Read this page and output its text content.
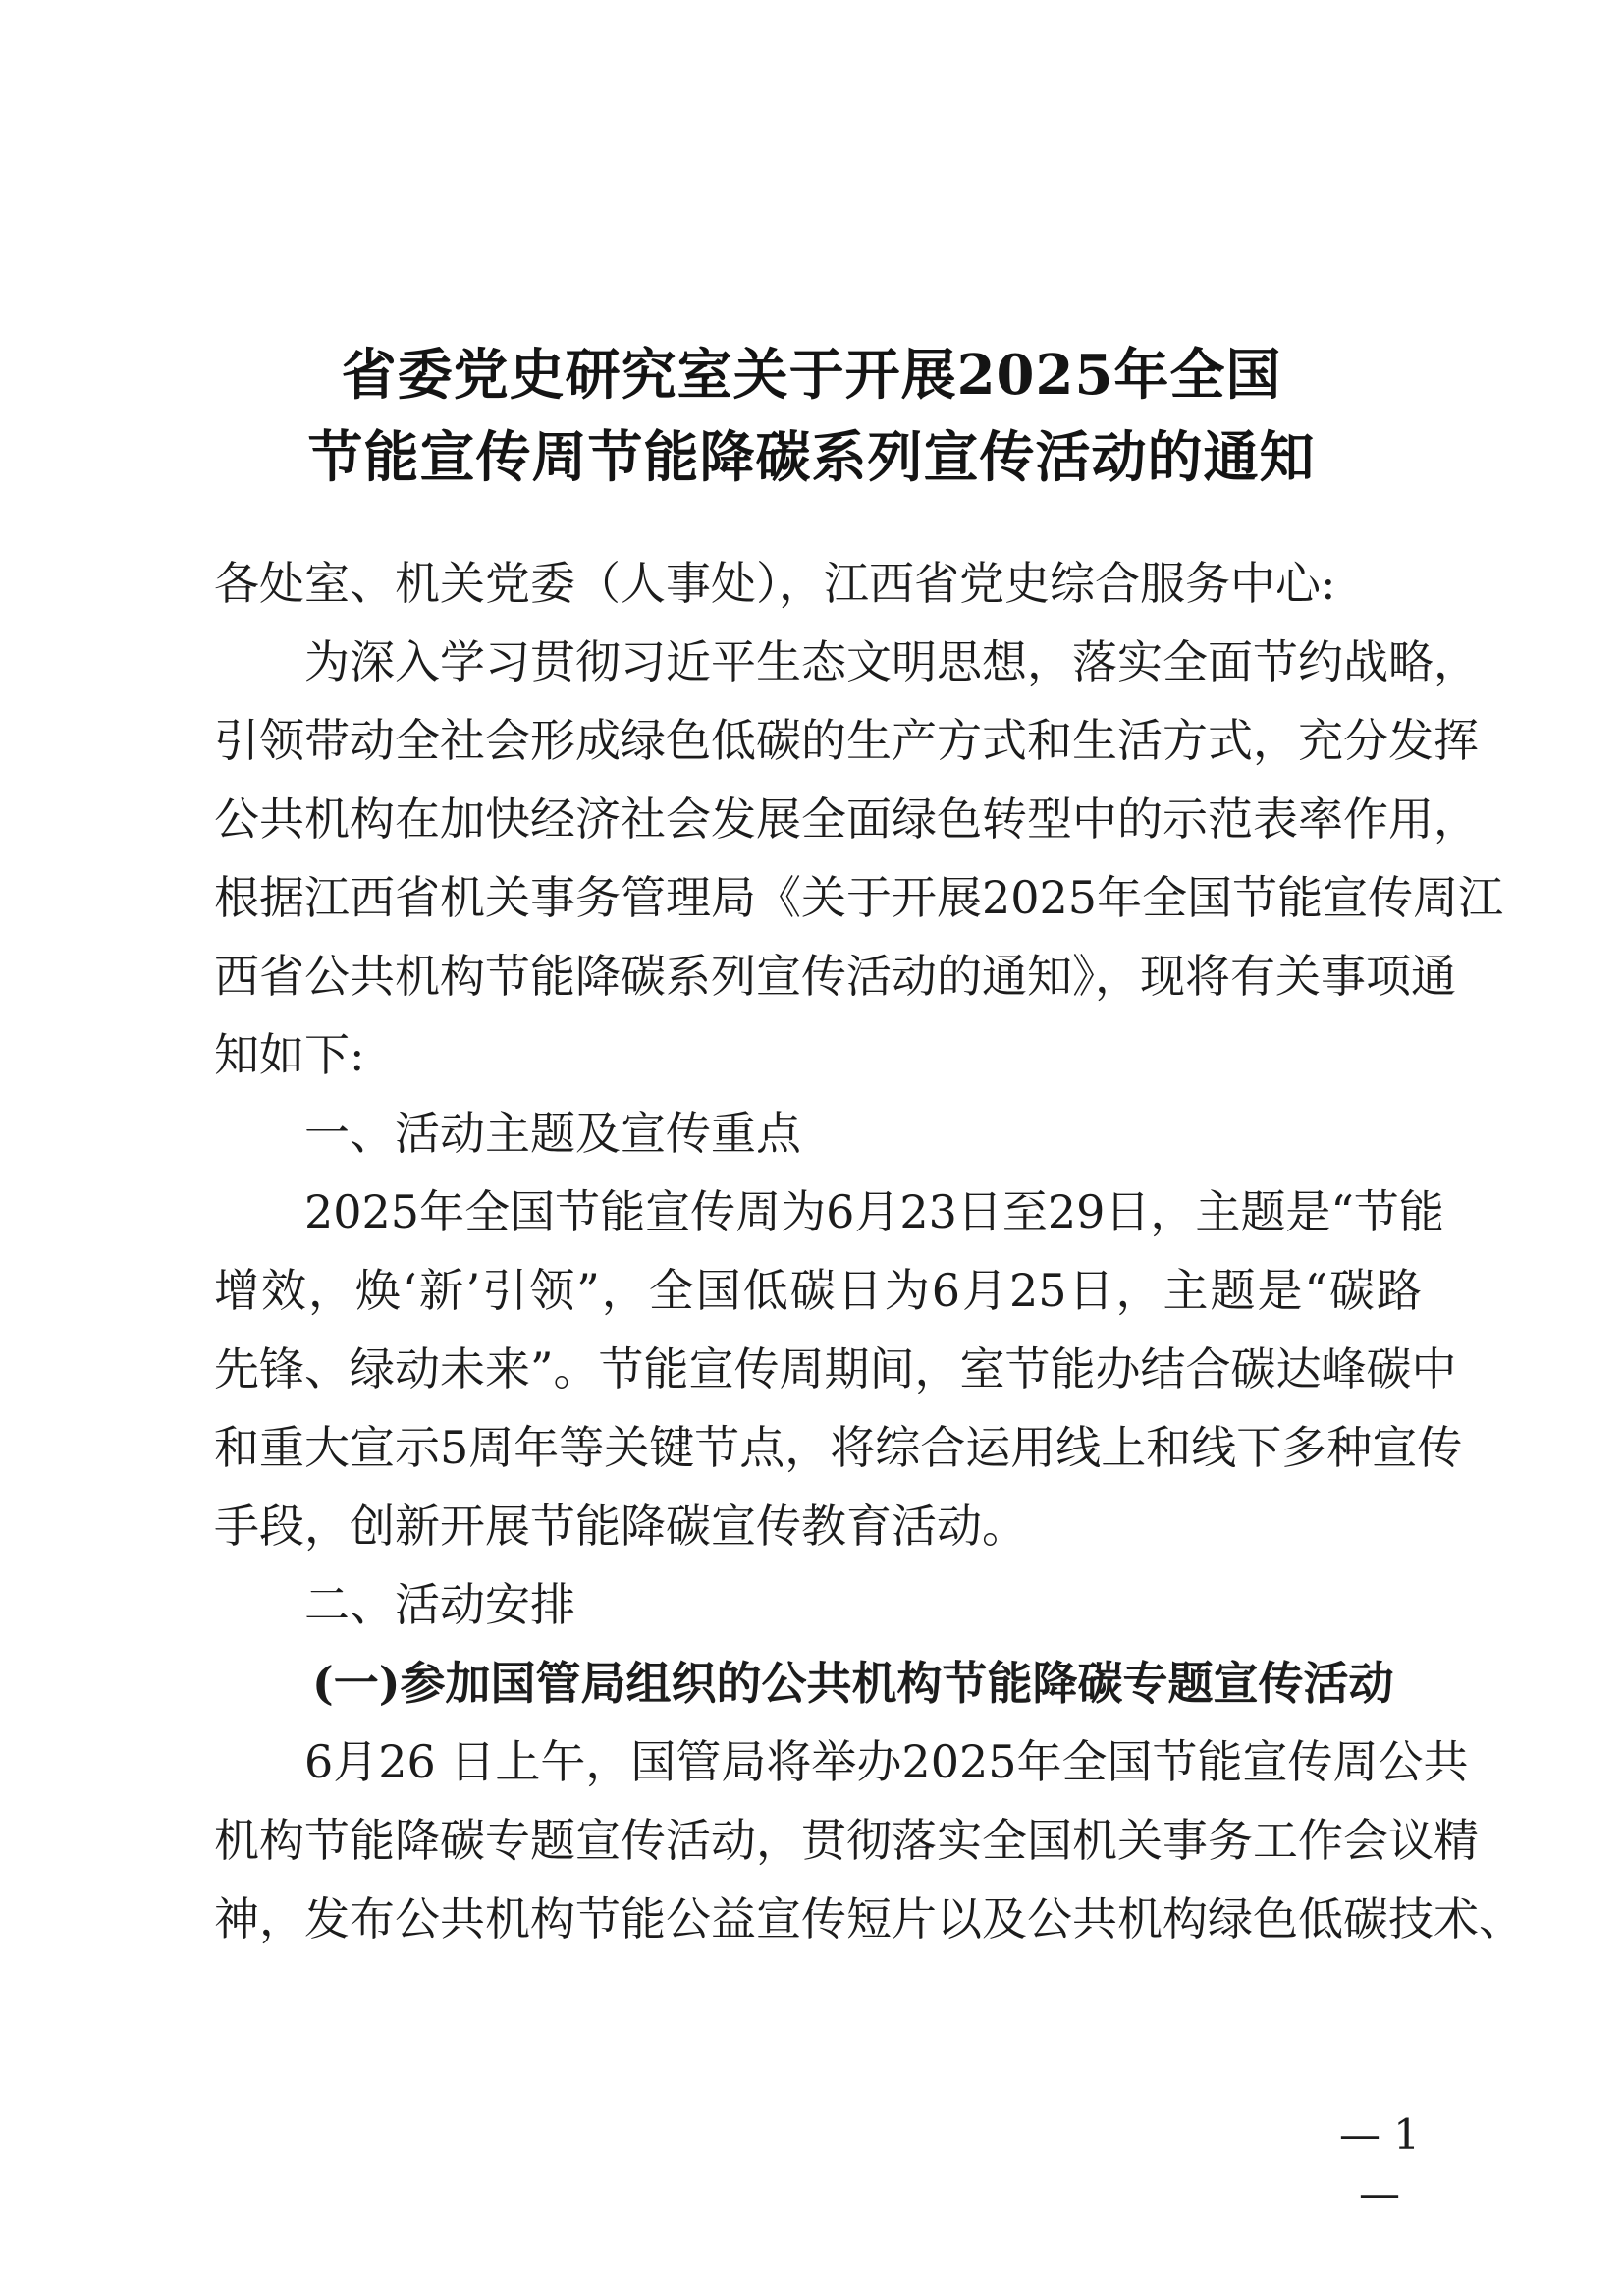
省委党史研究室关于开展2025年全国
节能宣传周节能降碳系列宣传活动的通知
各处室、机关党委（人事处），江西省党史综合服务中心:
为深入学习贯彻习近平生态文明思想，落实全面节约战略，
引领带动全社会形成绿色低碳的生产方式和生活方式，充分发挥
公共机构在加快经济社会发展全面绿色转型中的示范表率作用，
根据江西省机关事务管理局《关于开展2025年全国节能宣传周江
西省公共机构节能降碳系列宣传活动的通知》，现将有关事项通
知如下:
一、活动主题及宣传重点
2025年全国节能宣传周为6月23日至29日，主题是“节能
增效，焕‘新’引领”，全国低碳日为6月25日，主题是“碳路
先锋、绿动未来”。节能宣传周期间，室节能办结合碳达峰碳中
和重大宣示5周年等关键节点，将综合运用线上和线下多种宣传
手段，创新开展节能降碳宣传教育活动。
二、活动安排
(一)参加国管局组织的公共机构节能降碳专题宣传活动
6月26 日上午，国管局将举办2025年全国节能宣传周公共
机构节能降碳专题宣传活动，贯彻落实全国机关事务工作会议精
神，发布公共机构节能公益宣传短片以及公共机构绿色低碳技术、
— 1 —
